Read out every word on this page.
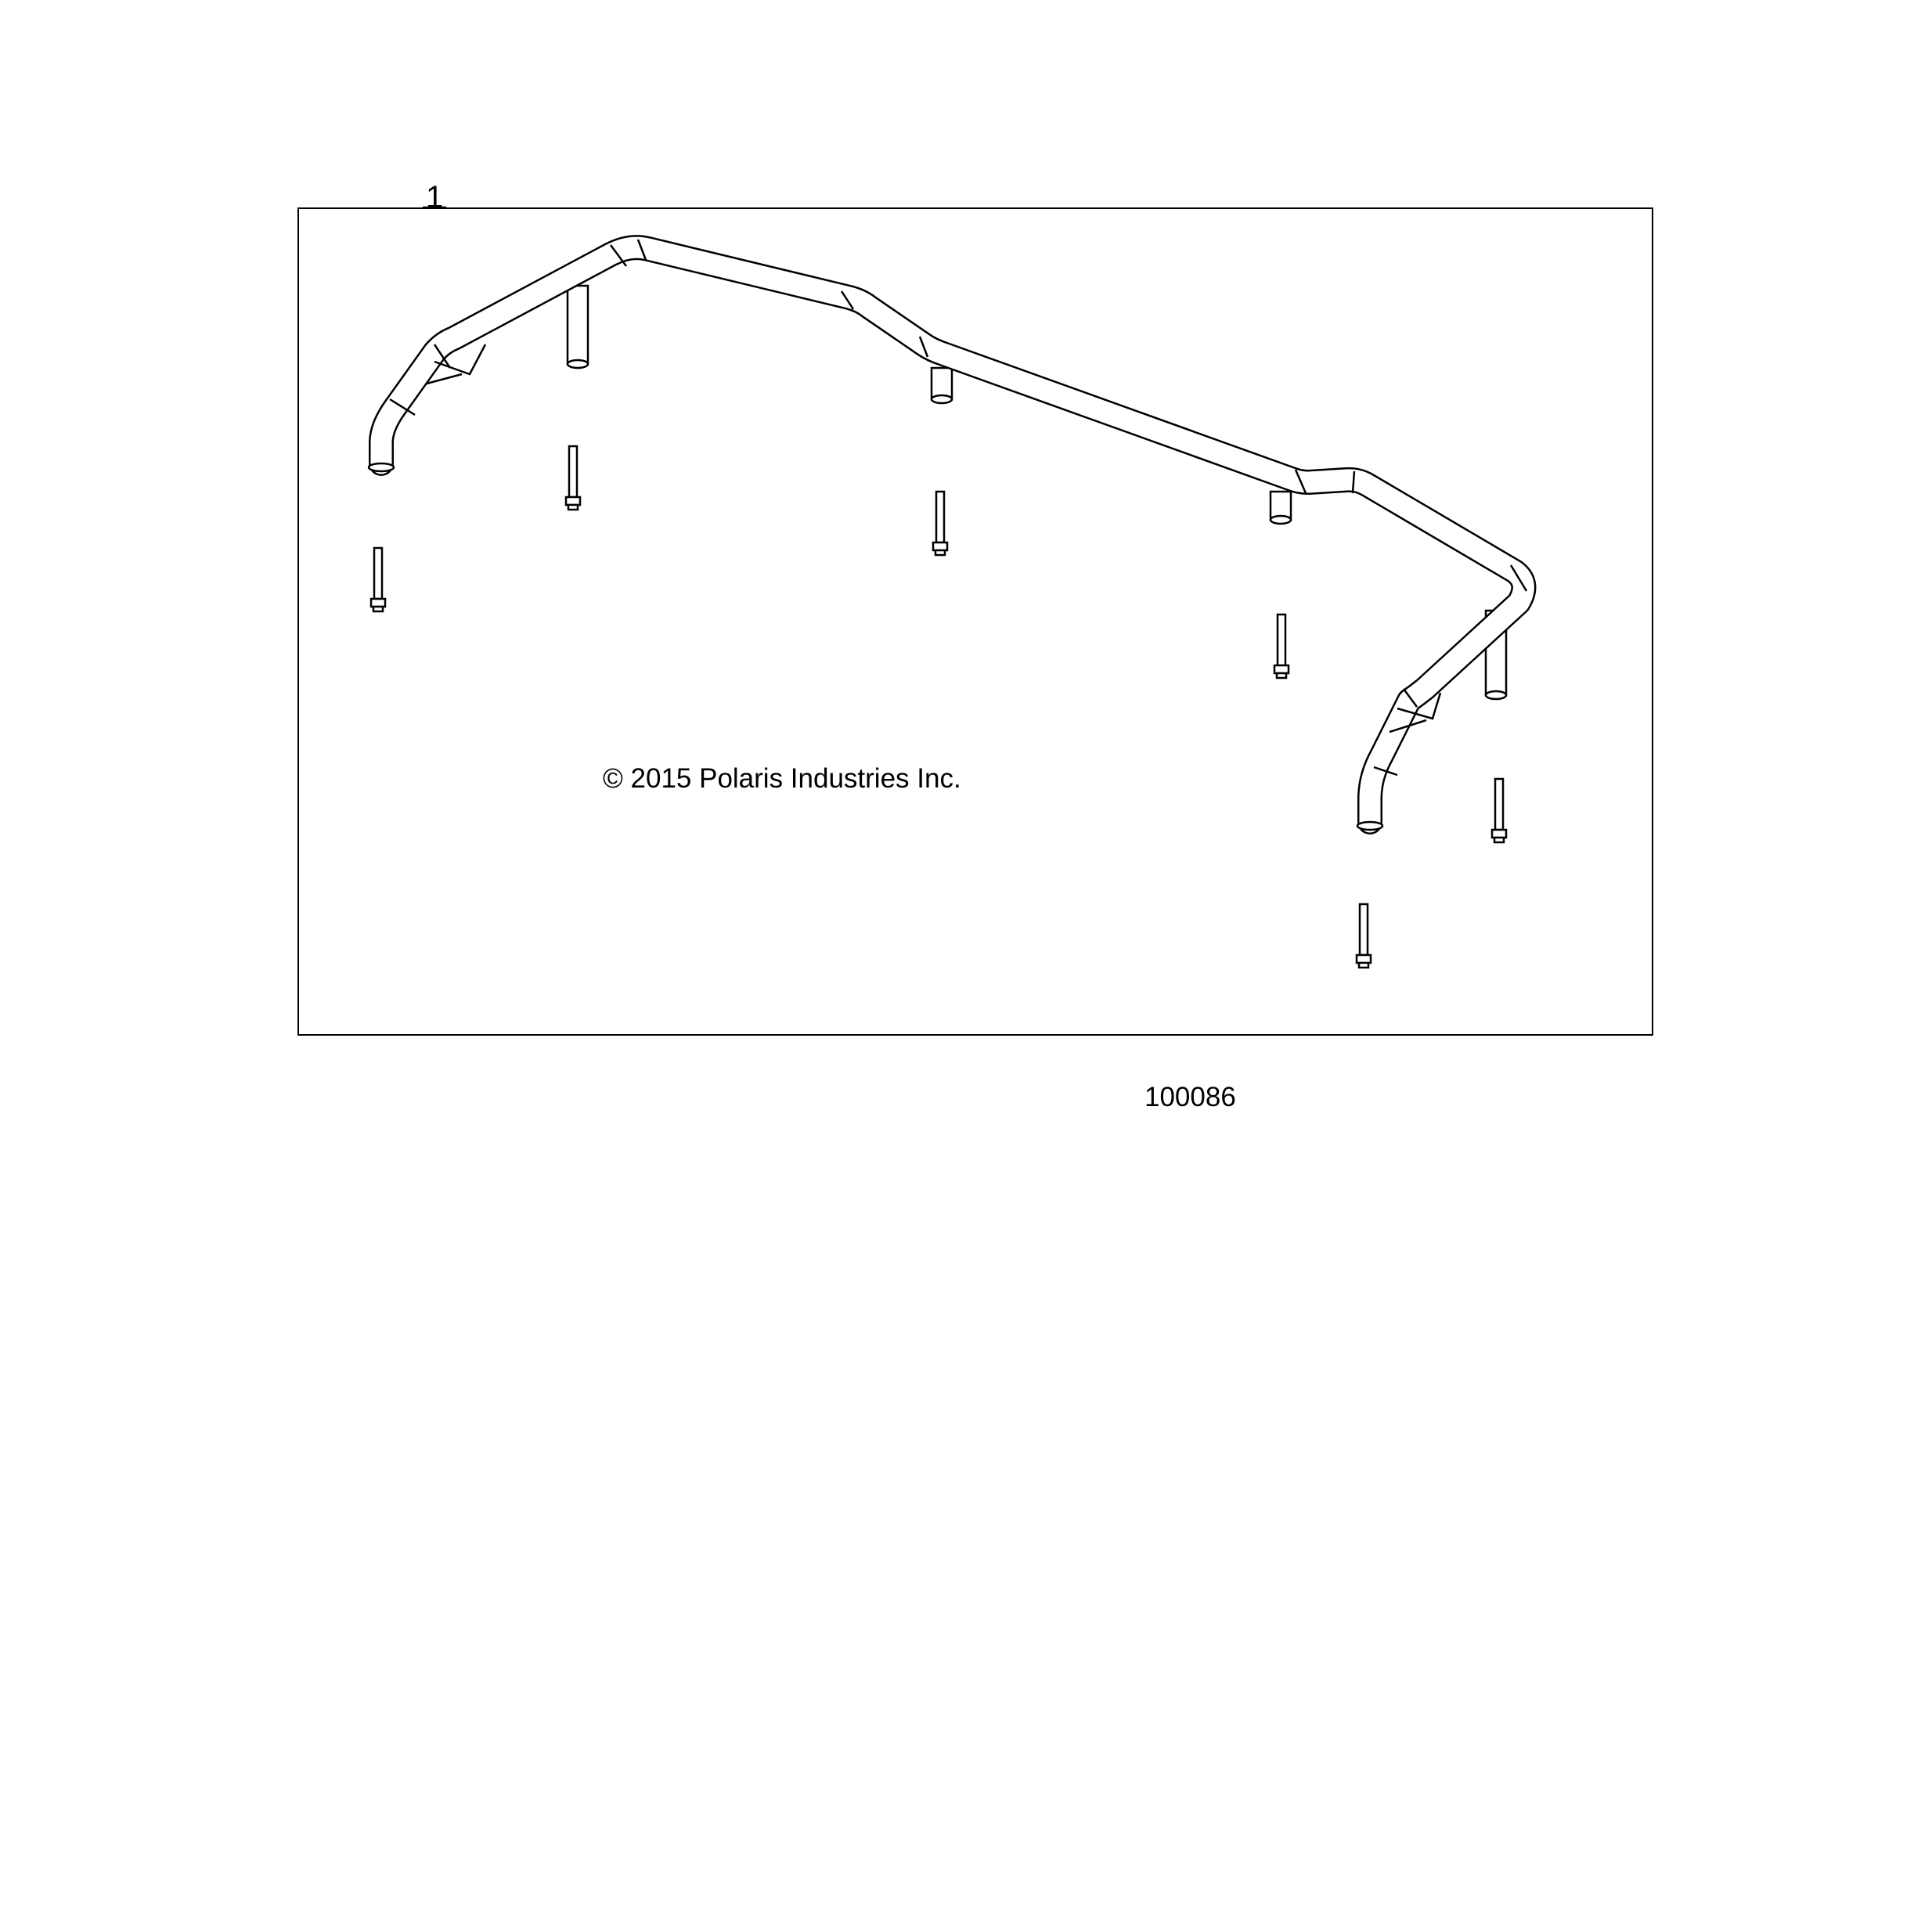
1
© 2015 Polaris Industries Inc.
100086
